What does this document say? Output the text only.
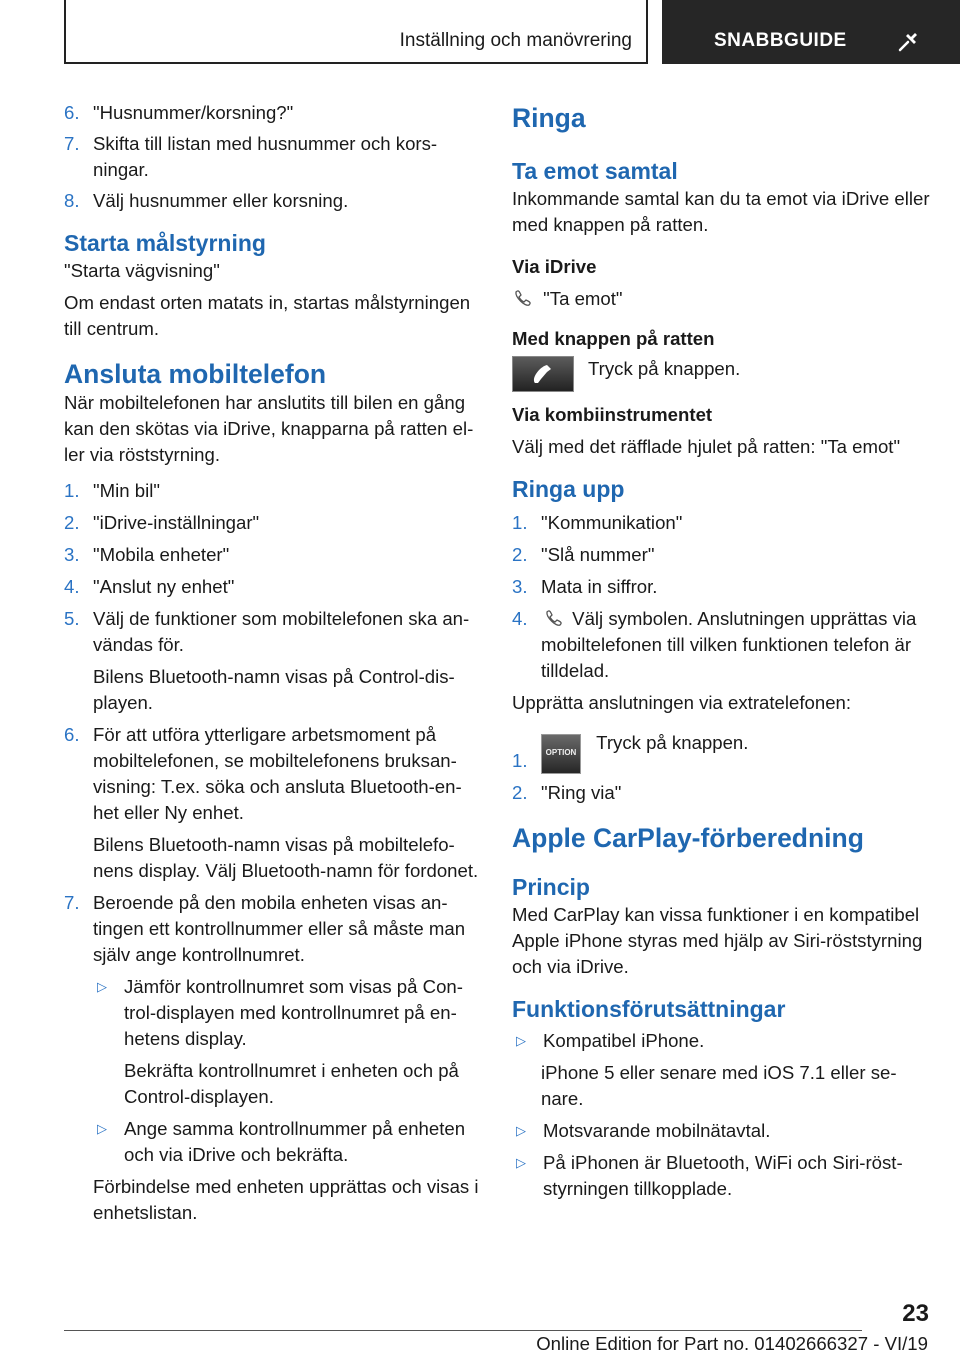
Inställning och manövrering	SNABBGUIDE
6. "Husnummer/korsning?"
7. Skifta till listan med husnummer och korsningar.
8. Välj husnummer eller korsning.
Starta målstyrning

"Starta vägvisning"

Om endast orten matats in, startas målstyrningen till centrum.

Ansluta mobiltelefon

När mobiltelefonen har anslutits till bilen en gång kan den skötas via iDrive, knapparna på ratten eller via röststyrning.

1. "Min bil"
2. "iDrive-inställningar"
3. "Mobila enheter"
4. "Anslut ny enhet"
5. Välj de funktioner som mobiltelefonen ska användas för.

Bilens Bluetooth-namn visas på Control-displayen.

6. För att utföra ytterligare arbetsmoment på mobiltelefonen, se mobiltelefonens bruksanvisning: T.ex. söka och ansluta Bluetooth-enhet eller Ny enhet.

Bilens Bluetooth-namn visas på mobiltelefonens display. Välj Bluetooth-namn för fordonet.

7. Beroende på den mobila enheten visas antingen ett kontrollnummer eller så måste man själv ange kontrollnumret.
▷ Jämför kontrollnumret som visas på Control-displayen med kontrollnumret på enhetens display.

Bekräfta kontrollnumret i enheten och på Control-displayen.

▷ Ange samma kontrollnummer på enheten och via iDrive och bekräfta.

Förbindelse med enheten upprättas och visas i enhetslistan.

Ringa
Ta emot samtal

Inkommande samtal kan du ta emot via iDrive eller med knappen på ratten.

Via iDrive

"Ta emot"

Med knappen på ratten
Tryck på knappen.
Via kombiinstrumentet

Välj med det räfflade hjulet på ratten: "Ta emot"

Ringa upp
1. "Kommunikation"
2. "Slå nummer"
3. Mata in siffror.
4.	Välj symbolen. Anslutningen upprättas via mobiltelefonen till vilken funktionen telefon är tilldelad.

Upprätta anslutningen via extratelefonen:

1.	OPTION Tryck på knappen.
2. "Ring via"
Apple CarPlay-förberedning
Princip

Med CarPlay kan vissa funktioner i en kompatibel Apple iPhone styras med hjälp av Siri-röststyrning och via iDrive.

Funktionsförutsättningar
▷ Kompatibel iPhone.

iPhone 5 eller senare med iOS 7.1 eller senare.

▷ Motsvarande mobilnätavtal.
▷ På iPhonen är Bluetooth, WiFi och Siri-röststyrningen tillkopplade.
23
Online Edition for Part no. 01402666327 - VI/19
